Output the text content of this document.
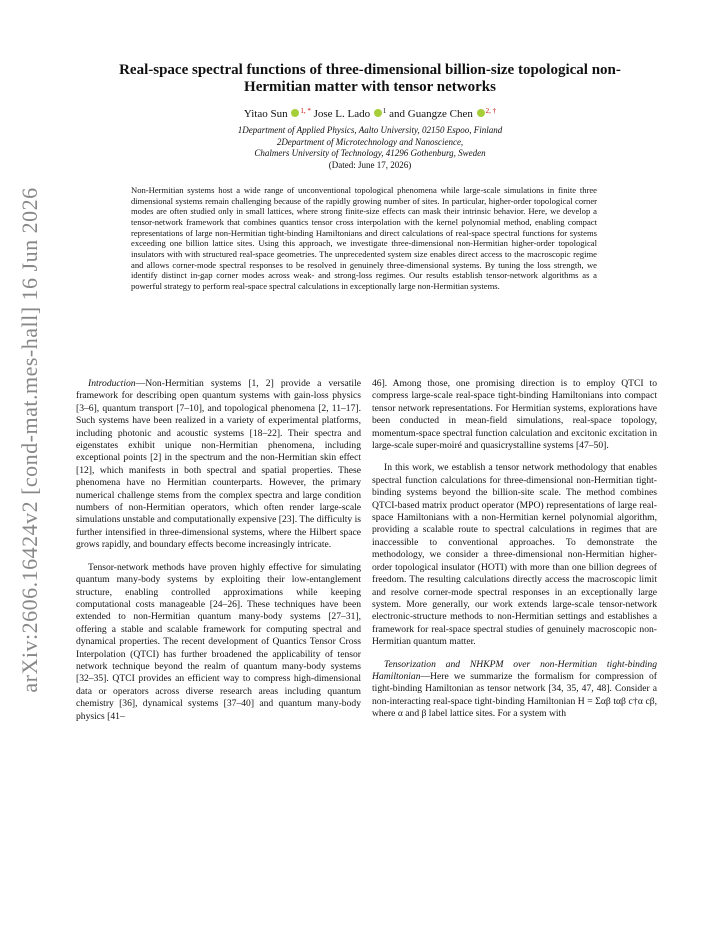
arXiv:2606.16424v2 [cond-mat.mes-hall] 16 Jun 2026
Real-space spectral functions of three-dimensional billion-size topological non-Hermitian matter with tensor networks
Yitao Sun $^{1, *}$ Jose L. Lado $^1$ and Guangze Chen $^{2, \dagger}$
1Department of Applied Physics, Aalto University, 02150 Espoo, Finland
2Department of Microtechnology and Nanoscience,
Chalmers University of Technology, 41296 Gothenburg, Sweden
(Dated: June 17, 2026)
Non-Hermitian systems host a wide range of unconventional topological phenomena while large-scale simulations in finite three dimensional systems remain challenging because of the rapidly growing number of sites. In particular, higher-order topological corner modes are often studied only in small lattices, where strong finite-size effects can mask their intrinsic behavior. Here, we develop a tensor-network framework that combines quantics tensor cross interpolation with the kernel polynomial method, enabling compact representations of large non-Hermitian tight-binding Hamiltonians and direct calculations of real-space spectral functions for systems exceeding one billion lattice sites. Using this approach, we investigate three-dimensional non-Hermitian higher-order topological insulators with with structured real-space geometries. The unprecedented system size enables direct access to the macroscopic regime and allows corner-mode spectral responses to be resolved in genuinely three-dimensional systems. By tuning the loss strength, we identify distinct in-gap corner modes across weak- and strong-loss regimes. Our results establish tensor-network algorithms as a powerful strategy to perform real-space spectral calculations in exceptionally large non-Hermitian systems.

Introduction—Non-Hermitian systems [1, 2] provide a versatile framework for describing open quantum systems with gain-loss physics [3–6], quantum transport [7–10], and topological phenomena [2, 11–17]. Such systems have been realized in a variety of experimental platforms, including photonic and acoustic systems [18–22]. Their spectra and eigenstates exhibit unique non-Hermitian phenomena, including exceptional points [2] in the spectrum and the non-Hermitian skin effect [12], which manifests in both spectral and spatial properties. These phenomena have no Hermitian counterparts. However, the primary numerical challenge stems from the complex spectra and large condition numbers of non-Hermitian operators, which often render large-scale simulations unstable and computationally expensive [23]. The difficulty is further intensified in three-dimensional systems, where the Hilbert space grows rapidly, and boundary effects become increasingly intricate.

Tensor-network methods have proven highly effective for simulating quantum many-body systems by exploiting their low-entanglement structure, enabling controlled approximations while keeping computational costs manageable [24–26]. These techniques have been extended to non-Hermitian quantum many-body systems [27–31], offering a stable and scalable framework for computing spectral and dynamical properties. The recent development of Quantics Tensor Cross Interpolation (QTCI) has further broadened the applicability of tensor network technique beyond the realm of quantum many-body systems [32–35]. QTCI provides an efficient way to compress high-dimensional data or operators across diverse research areas including quantum chemistry [36], dynamical systems [37–40] and quantum many-body physics [41–

46]. Among those, one promising direction is to employ QTCI to compress large-scale real-space tight-binding Hamiltonians into compact tensor network representations. For Hermitian systems, explorations have been conducted in mean-field simulations, real-space topology, momentum-space spectral function calculation and excitonic excitation in large-scale super-moiré and quasicrystalline systems [47–50].

In this work, we establish a tensor network methodology that enables spectral function calculations for three-dimensional non-Hermitian tight-binding systems beyond the billion-site scale. The method combines QTCI-based matrix product operator (MPO) representations of large real-space Hamiltonians with a non-Hermitian kernel polynomial algorithm, providing a scalable route to spectral calculations in regimes that are inaccessible to conventional approaches. To demonstrate the methodology, we consider a three-dimensional non-Hermitian higher-order topological insulator (HOTI) with more than one billion degrees of freedom. The resulting calculations directly access the macroscopic limit and resolve corner-mode spectral responses in an exceptionally large system. More generally, our work extends large-scale tensor-network electronic-structure methods to non-Hermitian settings and establishes a framework for real-space spectral studies of genuinely macroscopic non-Hermitian quantum matter.

Tensorization and NHKPM over non-Hermitian tight-binding Hamiltonian—Here we summarize the formalism for compression of tight-binding Hamiltonian as tensor network [34, 35, 47, 48]. Consider a non-interacting real-space tight-binding Hamiltonian H = Σαβ tαβ c†α cβ, where α and β label lattice sites. For a system with
